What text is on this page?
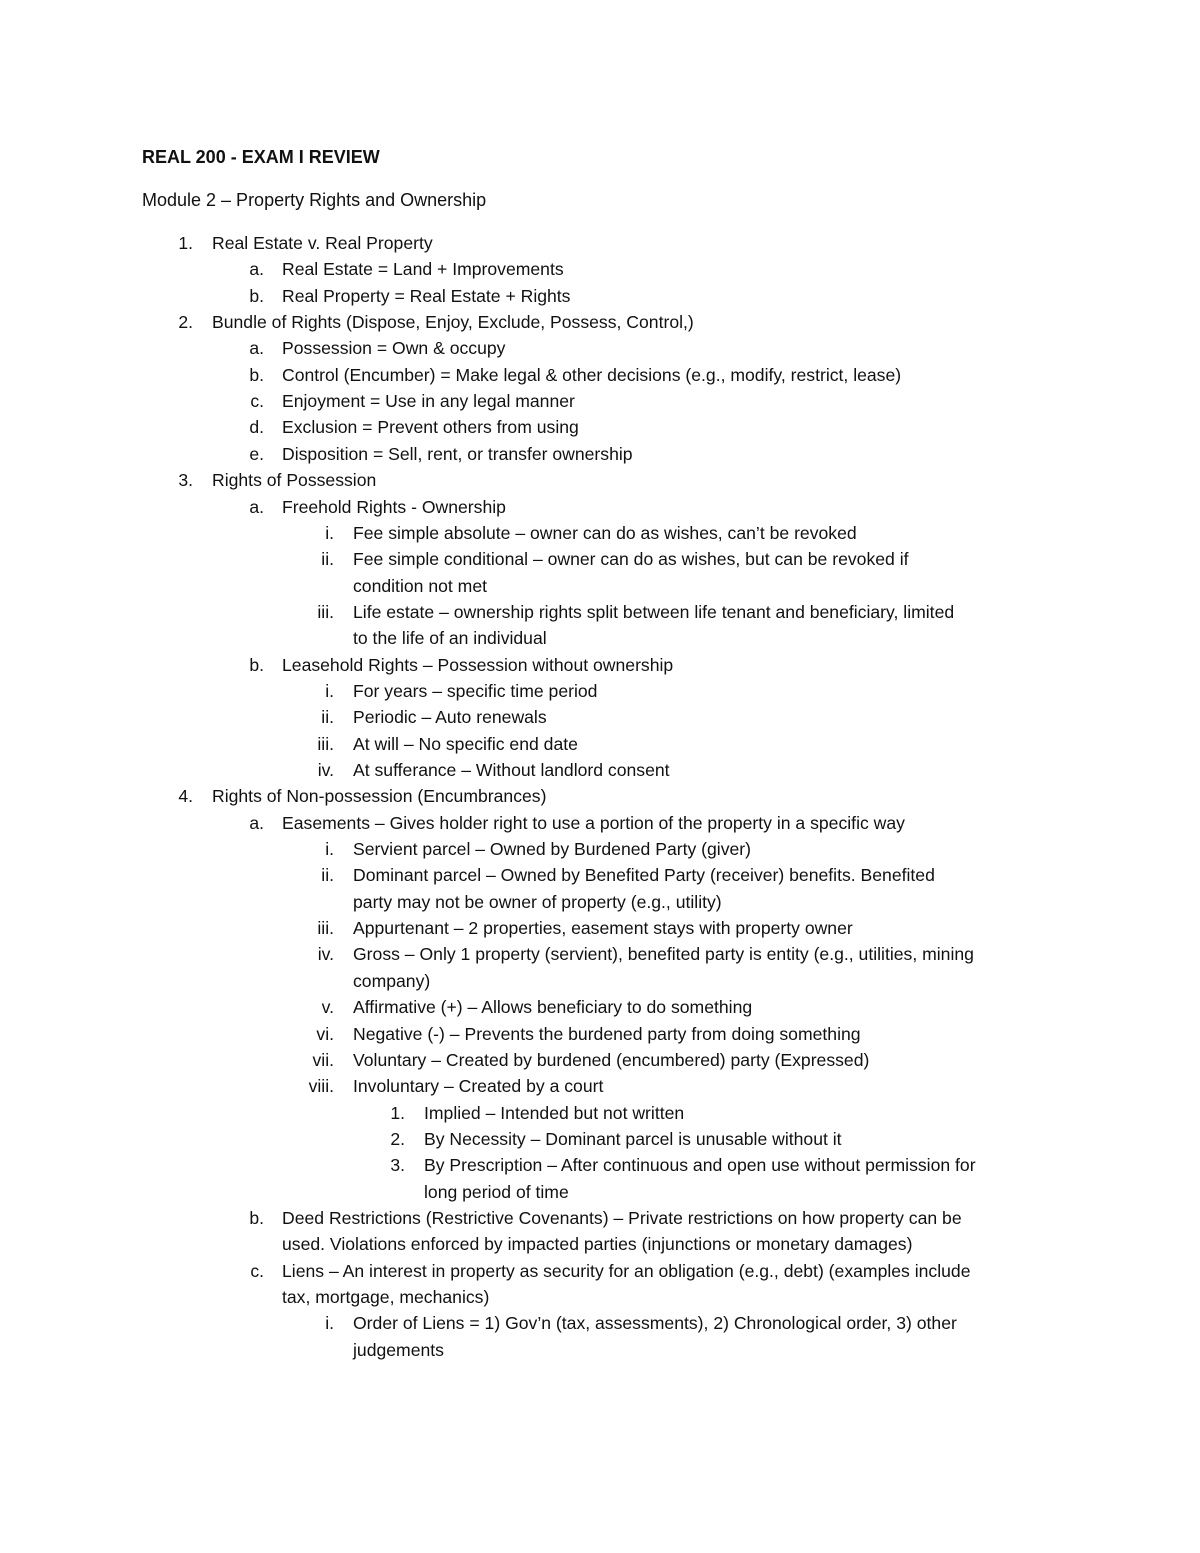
REAL 200 - EXAM I REVIEW
Module 2 – Property Rights and Ownership
1. Real Estate v. Real Property
a. Real Estate = Land + Improvements
b. Real Property = Real Estate + Rights
2. Bundle of Rights (Dispose, Enjoy, Exclude, Possess, Control,)
a. Possession = Own & occupy
b. Control (Encumber) = Make legal & other decisions (e.g., modify, restrict, lease)
c. Enjoyment = Use in any legal manner
d. Exclusion = Prevent others from using
e. Disposition = Sell, rent, or transfer ownership
3. Rights of Possession
a. Freehold Rights - Ownership
i. Fee simple absolute – owner can do as wishes, can’t be revoked
ii. Fee simple conditional – owner can do as wishes, but can be revoked if
condition not met
iii. Life estate – ownership rights split between life tenant and beneficiary, limited
to the life of an individual
b. Leasehold Rights – Possession without ownership
i. For years – specific time period
ii. Periodic – Auto renewals
iii. At will – No specific end date
iv. At sufferance – Without landlord consent
4. Rights of Non-possession (Encumbrances)
a. Easements – Gives holder right to use a portion of the property in a specific way
i. Servient parcel – Owned by Burdened Party (giver)
ii. Dominant parcel – Owned by Benefited Party (receiver) benefits. Benefited
party may not be owner of property (e.g., utility)
iii. Appurtenant – 2 properties, easement stays with property owner
iv. Gross – Only 1 property (servient), benefited party is entity (e.g., utilities, mining
company)
v. Affirmative (+) – Allows beneficiary to do something
vi. Negative (-) – Prevents the burdened party from doing something
vii. Voluntary – Created by burdened (encumbered) party (Expressed)
viii. Involuntary – Created by a court
1. Implied – Intended but not written
2. By Necessity – Dominant parcel is unusable without it
3. By Prescription – After continuous and open use without permission for
long period of time
b. Deed Restrictions (Restrictive Covenants) – Private restrictions on how property can be
used. Violations enforced by impacted parties (injunctions or monetary damages)
c. Liens – An interest in property as security for an obligation (e.g., debt) (examples include
tax, mortgage, mechanics)
i. Order of Liens = 1) Gov’n (tax, assessments), 2) Chronological order, 3) other
judgements
